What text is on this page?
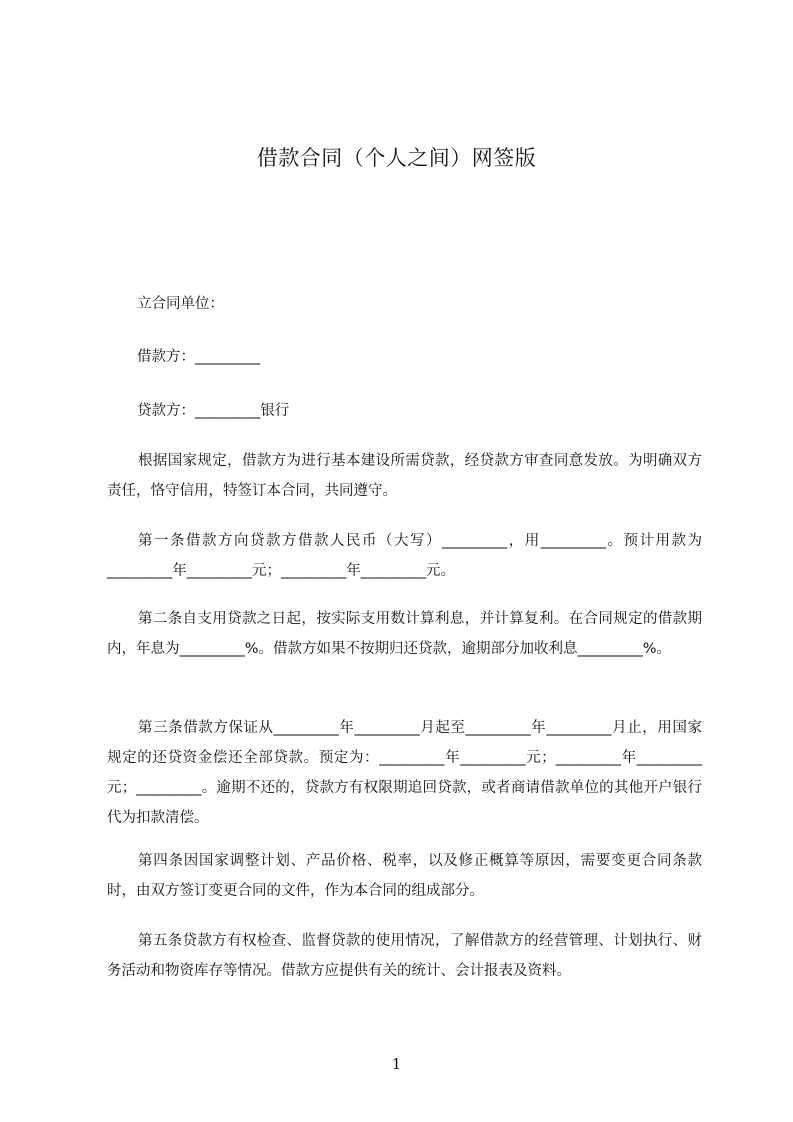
借款合同（个人之间）网签版
立合同单位：
借款方：_________
贷款方：_________银行

根据国家规定，借款方为进行基本建设所需贷款，经贷款方审查同意发放。为明确双方责任，恪守信用，特签订本合同，共同遵守。

第一条借款方向贷款方借款人民币（大写）_________，用_________。预计用款为_________年_________元；_________年_________元。

第二条自支用贷款之日起，按实际支用数计算利息，并计算复利。在合同规定的借款期内，年息为_________%。借款方如果不按期归还贷款，逾期部分加收利息_________%。

第三条借款方保证从_________年_________月起至_________年_________月止，用国家规定的还贷资金偿还全部贷款。预定为：_________年_________元；_________年_________元；_________。逾期不还的，贷款方有权限期追回贷款，或者商请借款单位的其他开户银行代为扣款清偿。

第四条因国家调整计划、产品价格、税率，以及修正概算等原因，需要变更合同条款时，由双方签订变更合同的文件，作为本合同的组成部分。

第五条贷款方有权检查、监督贷款的使用情况，了解借款方的经营管理、计划执行、财务活动和物资库存等情况。借款方应提供有关的统计、会计报表及资料。

1
